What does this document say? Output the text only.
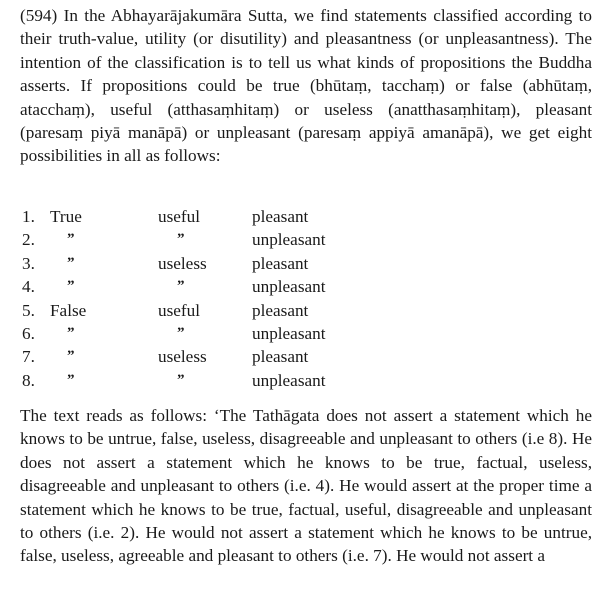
(594) In the Abhayarājakumāra Sutta, we find statements classified according to their truth-value, utility (or disutility) and pleasantness (or unpleasantness). The intention of the classification is to tell us what kinds of propositions the Buddha asserts. If propositions could be true (bhūtaṃ, tacchaṃ) or false (abhūtaṃ, atacchaṃ), useful (atthasaṃhitaṃ) or useless (anatthasaṃhitaṃ), pleasant (paresaṃ piyā manāpā) or unpleasant (paresaṃ appiyā amanāpā), we get eight possibilities in all as follows:

1. True	useful	pleasant
2. ”	”	unpleasant
3. ”	useless	pleasant
4. ”	”	unpleasant
5. False	useful	pleasant
6. ”	”	unpleasant
7. ”	useless	pleasant
8. ”	”	unpleasant

The text reads as follows: ‘The Tathāgata does not assert a statement which he knows to be untrue, false, useless, disagreeable and unpleasant to others (i.e 8). He does not assert a statement which he knows to be true, factual, useless, disagreeable and unpleasant to others (i.e. 4). He would assert at the proper time a statement which he knows to be true, factual, useful, disagreeable and unpleasant to others (i.e. 2). He would not assert a statement which he knows to be untrue, false, useless, agreeable and pleasant to others (i.e. 7). He would not assert a
